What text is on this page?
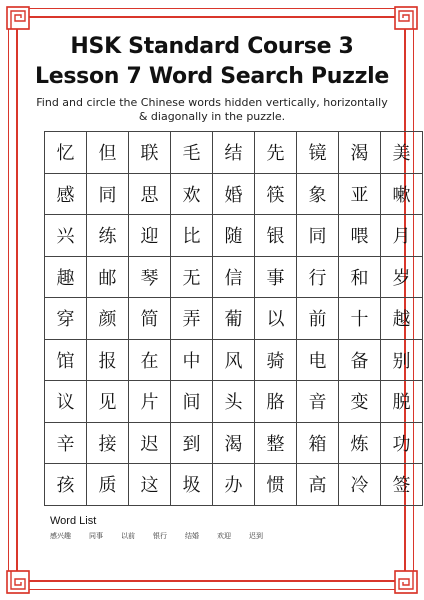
HSK Standard Course 3
Lesson 7 Word Search Puzzle

Find and circle the Chinese words hidden vertically, horizontally & diagonally in the puzzle.

忆	但	联	毛	结	先	镜	渴	美
感	同	思	欢	婚	筷	象	亚	嗽
兴	练	迎	比	随	银	同	喂	月
趣	邮	琴	无	信	事	行	和	岁
穿	颜	简	弄	葡	以	前	十	越
馆	报	在	中	风	骑	电	备	别
议	见	片	间	头	胳	音	变	脱
辛	接	迟	到	渴	整	箱	炼	功
孩	质	这	圾	办	惯	高	冷	签

Word List

感兴趣	同事	以前	银行	结婚	欢迎	迟到
